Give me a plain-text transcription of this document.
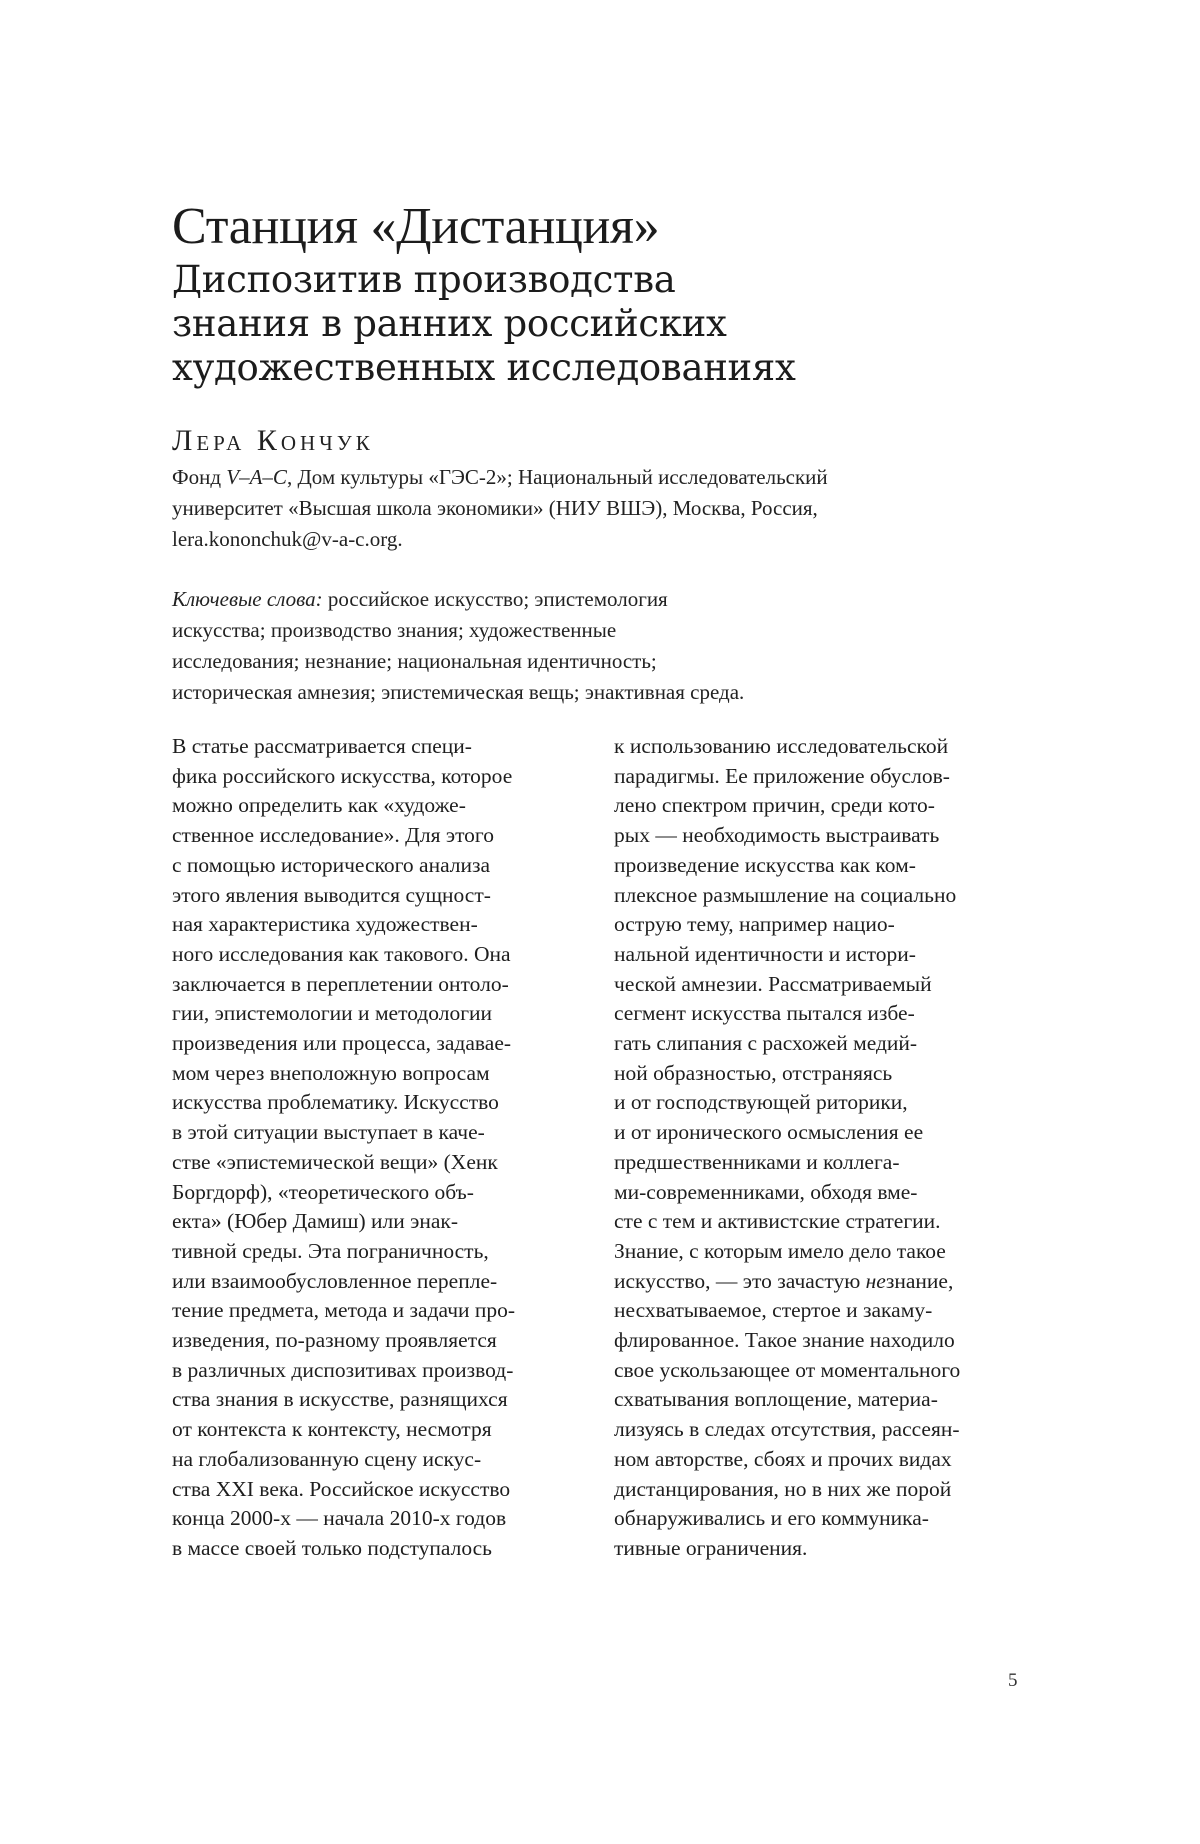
Станция «Дистанция»
Диспозитив производства
знания в ранних российских
художественных исследованиях
Лера Кончук
Фонд V–A–C, Дом культуры «ГЭС-2»; Национальный исследовательский
университет «Высшая школа экономики» (НИУ ВШЭ), Москва, Россия,
lera.kononchuk@v-a-c.org.
Ключевые слова: российское искусство; эпистемология
искусства; производство знания; художественные
исследования; незнание; национальная идентичность;
историческая амнезия; эпистемическая вещь; энактивная среда.
В статье рассматривается специ-
фика российского искусства, которое
можно определить как «художе-
ственное исследование». Для этого
с помощью исторического анализа
этого явления выводится сущност-
ная характеристика художествен-
ного исследования как такового. Она
заключается в переплетении онтоло-
гии, эпистемологии и методологии
произведения или процесса, задавае-
мом через внеположную вопросам
искусства проблематику. Искусство
в этой ситуации выступает в каче-
стве «эпистемической вещи» (Хенк
Боргдорф), «теоретического объ-
екта» (Юбер Дамиш) или энак-
тивной среды. Эта пограничность,
или взаимообусловленное перепле-
тение предмета, метода и задачи про-
изведения, по-разному проявляется
в различных диспозитивах производ-
ства знания в искусстве, разнящихся
от контекста к контексту, несмотря
на глобализованную сцену искус-
ства XXI века. Российское искусство
конца 2000-х — начала 2010-х годов
в массе своей только подступалось
к использованию исследовательской
парадигмы. Ее приложение обуслов-
лено спектром причин, среди кото-
рых — необходимость выстраивать
произведение искусства как ком-
плексное размышление на социально
острую тему, например нацио-
нальной идентичности и истори-
ческой амнезии. Рассматриваемый
сегмент искусства пытался избе-
гать слипания с расхожей медий-
ной образностью, отстраняясь
и от господствующей риторики,
и от иронического осмысления ее
предшественниками и коллега-
ми-современниками, обходя вме-
сте с тем и активистские стратегии.
Знание, с которым имело дело такое
искусство, — это зачастую незнание,
несхватываемое, стертое и закаму-
флированное. Такое знание находило
свое ускользающее от моментального
схватывания воплощение, материа-
лизуясь в следах отсутствия, рассеян-
ном авторстве, сбоях и прочих видах
дистанцирования, но в них же порой
обнаруживались и его коммуника-
тивные ограничения.
5
